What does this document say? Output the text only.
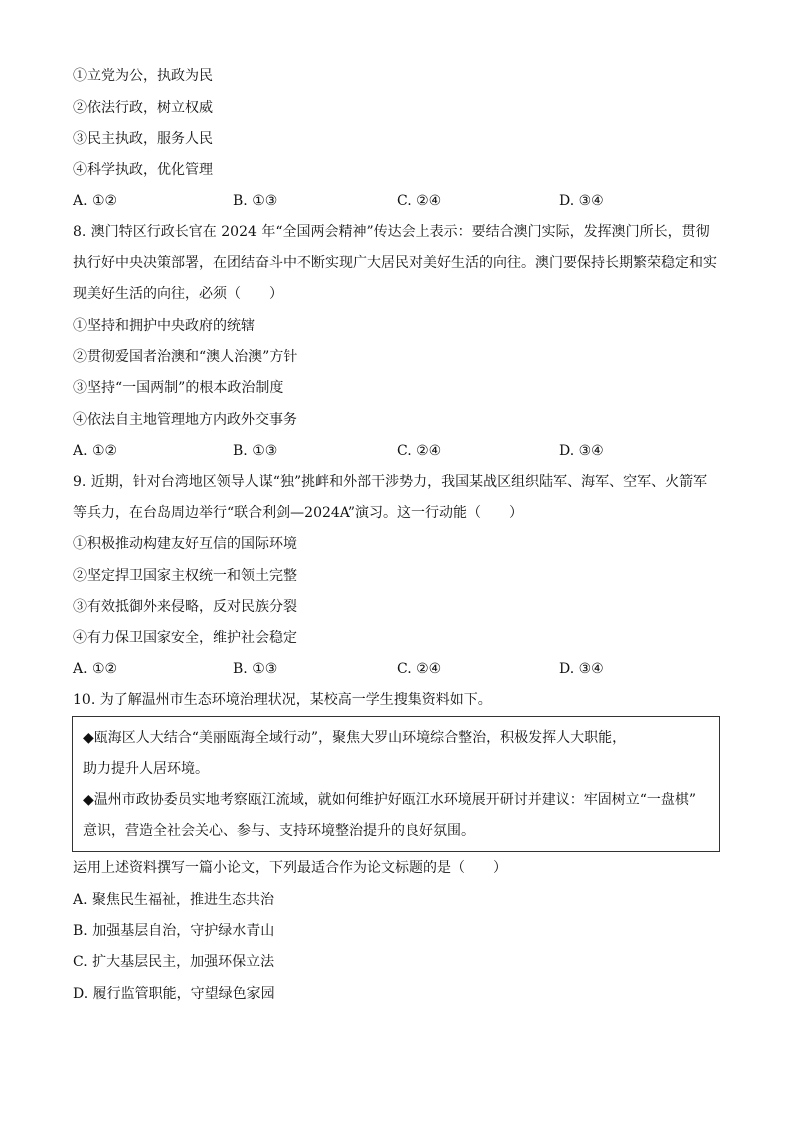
①立党为公，执政为民
②依法行政，树立权威
③民主执政，服务人民
④科学执政，优化管理
A. ①②	B. ①③	C. ②④	D. ③④
8. 澳门特区行政长官在 2024 年“全国两会精神”传达会上表示：要结合澳门实际，发挥澳门所长，贯彻
执行好中央决策部署，在团结奋斗中不断实现广大居民对美好生活的向往。澳门要保持长期繁荣稳定和实
现美好生活的向往，必须（　　）
①坚持和拥护中央政府的统辖
②贯彻爱国者治澳和“澳人治澳”方针
③坚持“一国两制”的根本政治制度
④依法自主地管理地方内政外交事务
A. ①②	B. ①③	C. ②④	D. ③④
9. 近期，针对台湾地区领导人谋“独”挑衅和外部干涉势力，我国某战区组织陆军、海军、空军、火箭军
等兵力，在台岛周边举行“联合利剑—2024A”演习。这一行动能（　　）
①积极推动构建友好互信的国际环境
②坚定捍卫国家主权统一和领土完整
③有效抵御外来侵略，反对民族分裂
④有力保卫国家安全，维护社会稳定
A. ①②	B. ①③	C. ②④	D. ③④
10. 为了解温州市生态环境治理状况，某校高一学生搜集资料如下。
◆瓯海区人大结合“美丽瓯海全域行动”，聚焦大罗山环境综合整治，积极发挥人大职能，
助力提升人居环境。
◆温州市政协委员实地考察瓯江流域，就如何维护好瓯江水环境展开研讨并建议：牢固树立“一盘棋”
意识，营造全社会关心、参与、支持环境整治提升的良好氛围。
运用上述资料撰写一篇小论文，下列最适合作为论文标题的是（　　）
A. 聚焦民生福祉，推进生态共治
B. 加强基层自治，守护绿水青山
C. 扩大基层民主，加强环保立法
D. 履行监管职能，守望绿色家园
